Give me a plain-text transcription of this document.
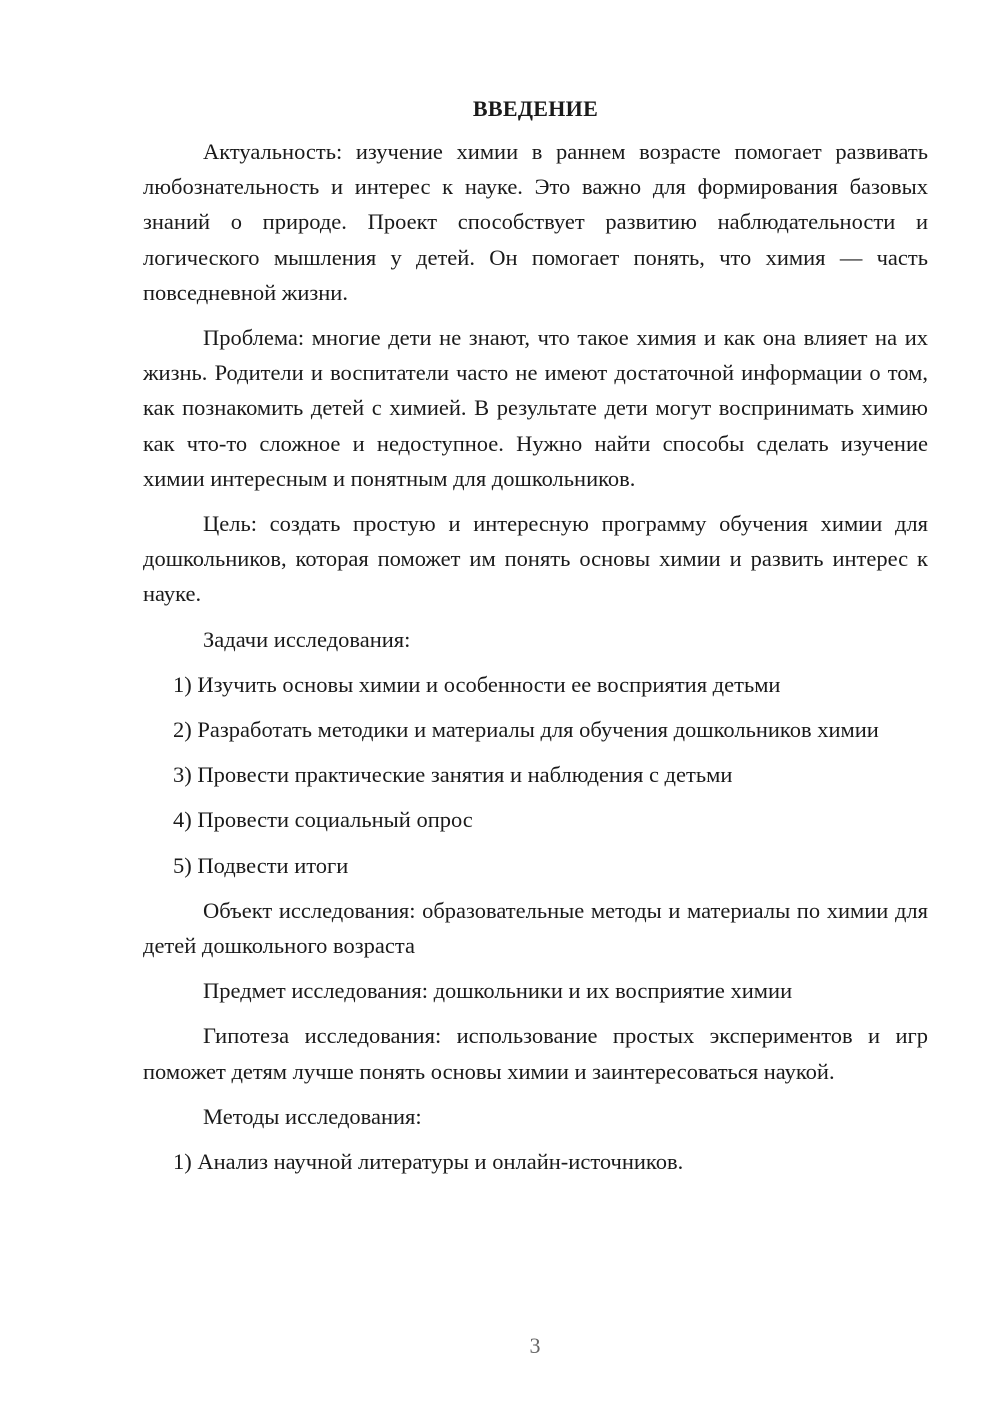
ВВЕДЕНИЕ

Актуальность: изучение химии в раннем возрасте помогает развивать любознательность и интерес к науке. Это важно для формирования базовых знаний о природе. Проект способствует развитию наблюдательности и логического мышления у детей. Он помогает понять, что химия — часть повседневной жизни.

Проблема: многие дети не знают, что такое химия и как она влияет на их жизнь. Родители и воспитатели часто не имеют достаточной информации о том, как познакомить детей с химией. В результате дети могут воспринимать химию как что-то сложное и недоступное. Нужно найти способы сделать изучение химии интересным и понятным для дошкольников.

Цель: создать простую и интересную программу обучения химии для дошкольников, которая поможет им понять основы химии и развить интерес к науке.

Задачи исследования:

1) Изучить основы химии и особенности ее восприятия детьми

2) Разработать методики и материалы для обучения дошкольников химии

3) Провести практические занятия и наблюдения с детьми

4) Провести социальный опрос

5) Подвести итоги

Объект исследования: образовательные методы и материалы по химии для детей дошкольного возраста

Предмет исследования: дошкольники и их восприятие химии

Гипотеза исследования: использование простых экспериментов и игр поможет детям лучше понять основы химии и заинтересоваться наукой.

Методы исследования:

1) Анализ научной литературы и онлайн-источников.

3
